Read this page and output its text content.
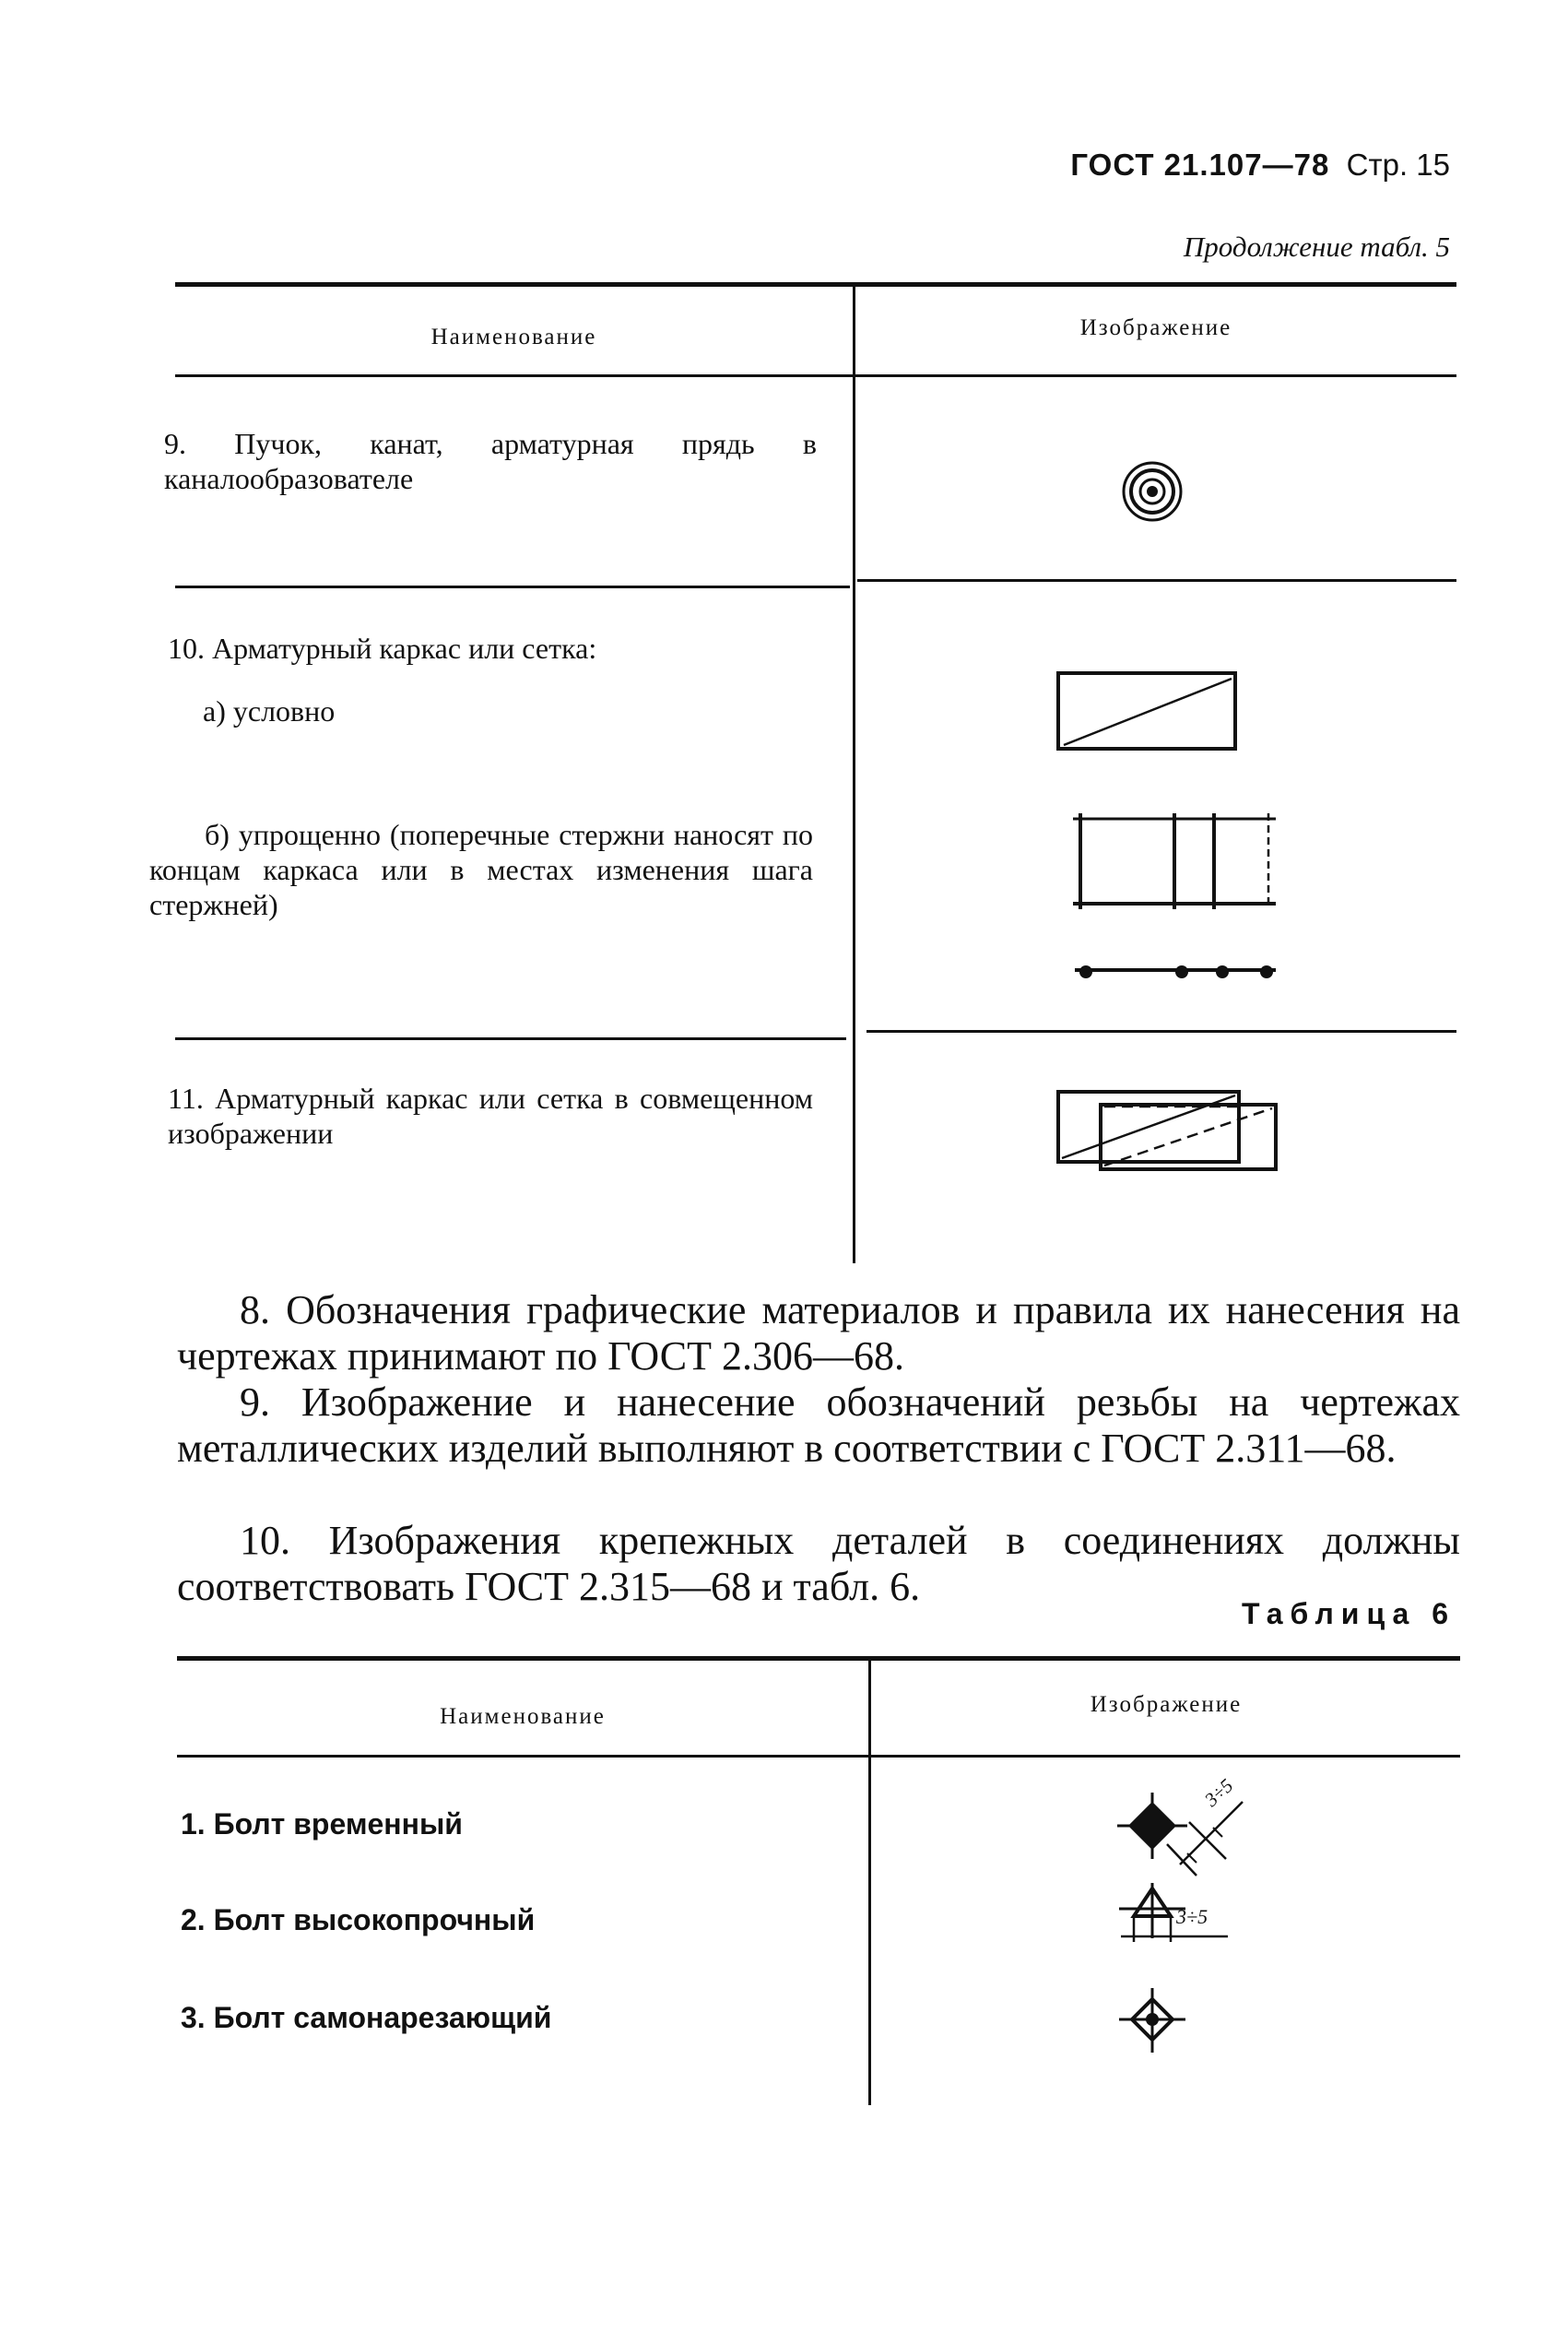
ГОСТ 21.107—78 Стр. 15
Продолжение табл. 5
Наименование	Изображение
9. Пучок, канат, арматурная прядь в каналообразователе
10. Арматурный каркас или сетка:
а) условно
б) упрощенно (поперечные стержни наносят по концам каркаса или в местах изменения шага стержней)
11. Арматурный каркас или сетка в совмещенном изображении
8. Обозначения графические материалов и правила их нанесения на чертежах принимают по ГОСТ 2.306—68.
9. Изображение и нанесение обозначений резьбы на чертежах металлических изделий выполняют в соответствии с ГОСТ 2.311—68.
10. Изображения крепежных деталей в соединениях должны соответствовать ГОСТ 2.315—68 и табл. 6.
Таблица 6
Наименование	Изображение
1. Болт временный
2. Болт высокопрочный
3. Болт самонарезающий
3÷5
3÷5
